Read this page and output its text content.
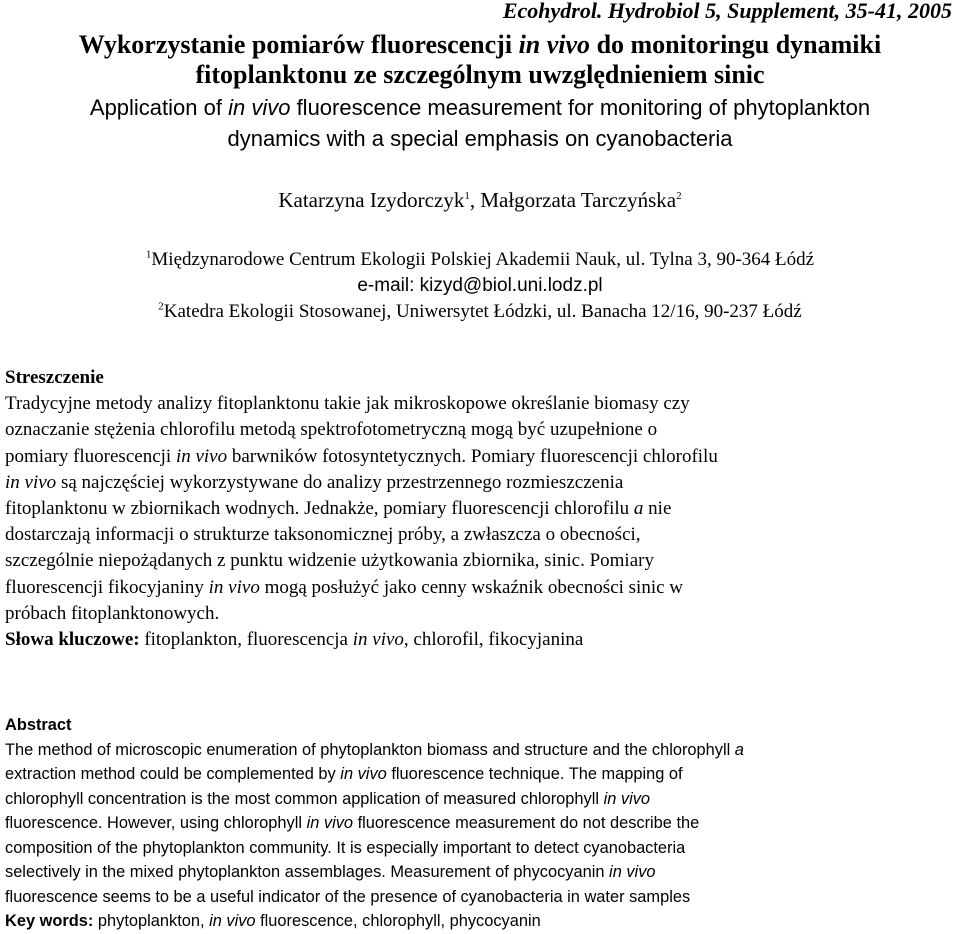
Ecohydrol. Hydrobiol 5, Supplement, 35-41, 2005
Wykorzystanie pomiarów fluorescencji in vivo do monitoringu dynamiki
fitoplanktonu ze szczególnym uwzględnieniem sinic
Application of in vivo fluorescence measurement for monitoring of phytoplankton
dynamics with a special emphasis on cyanobacteria
Katarzyna Izydorczyk$^1$, Małgorzata Tarczyńska$^2$
$^1$Międzynarodowe Centrum Ekologii Polskiej Akademii Nauk, ul. Tylna 3, 90-364 Łódź
e-mail: kizyd@biol.uni.lodz.pl
$^2$Katedra Ekologii Stosowanej, Uniwersytet Łódzki, ul. Banacha 12/16, 90-237 Łódź
Streszczenie
Tradycyjne metody analizy fitoplanktonu takie jak mikroskopowe określanie biomasy czy
oznaczanie stężenia chlorofilu metodą spektrofotometryczną mogą być uzupełnione o
pomiary fluorescencji in vivo barwników fotosyntetycznych. Pomiary fluorescencji chlorofilu
in vivo są najczęściej wykorzystywane do analizy przestrzennego rozmieszczenia
fitoplanktonu w zbiornikach wodnych. Jednakże, pomiary fluorescencji chlorofilu a nie
dostarczają informacji o strukturze taksonomicznej próby, a zwłaszcza o obecności,
szczególnie niepożądanych z punktu widzenie użytkowania zbiornika, sinic. Pomiary
fluorescencji fikocyjaniny in vivo mogą posłużyć jako cenny wskaźnik obecności sinic w
próbach fitoplanktonowych.
Słowa kluczowe: fitoplankton, fluorescencja in vivo, chlorofil, fikocyjanina
Abstract
The method of microscopic enumeration of phytoplankton biomass and structure and the chlorophyll a
extraction method could be complemented by in vivo fluorescence technique. The mapping of
chlorophyll concentration is the most common application of measured chlorophyll in vivo
fluorescence. However, using chlorophyll in vivo fluorescence measurement do not describe the
composition of the phytoplankton community. It is especially important to detect cyanobacteria
selectively in the mixed phytoplankton assemblages. Measurement of phycocyanin in vivo
fluorescence seems to be a useful indicator of the presence of cyanobacteria in water samples
Key words: phytoplankton, in vivo fluorescence, chlorophyll, phycocyanin
